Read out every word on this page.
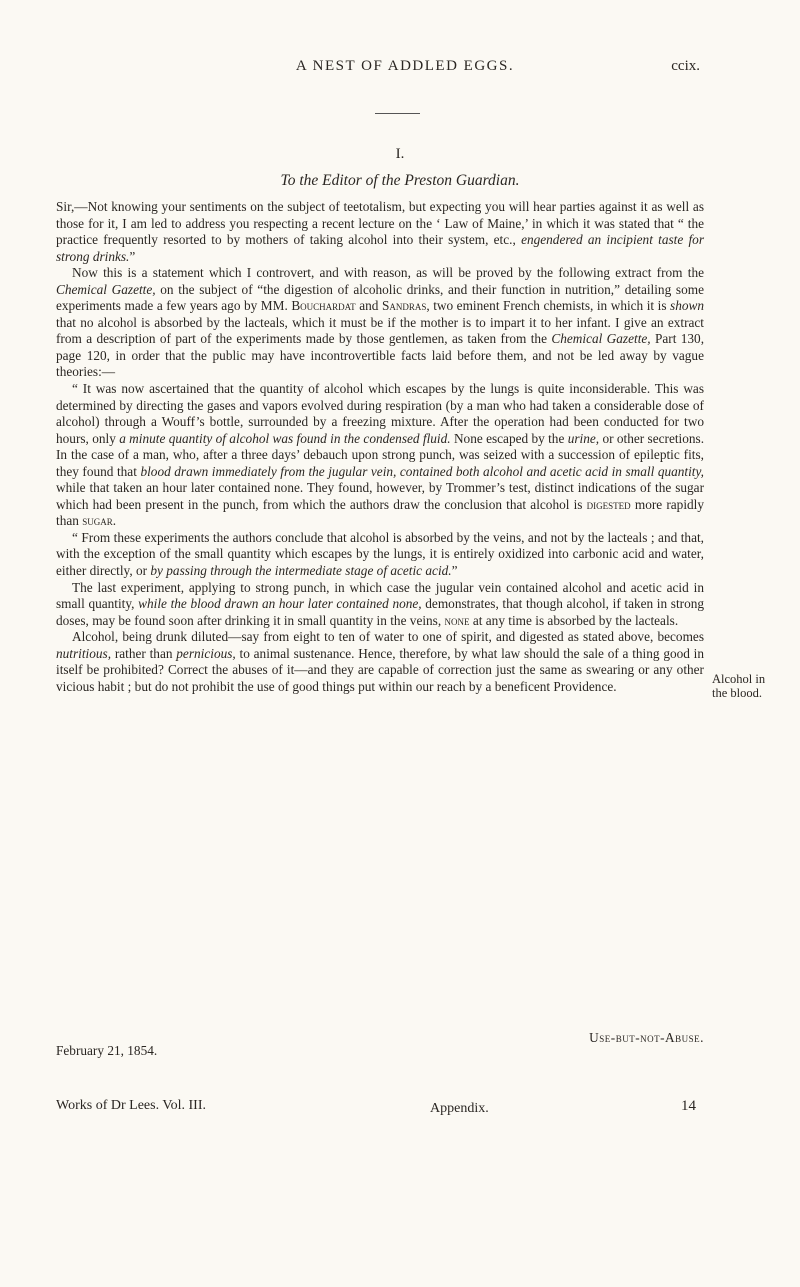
A NEST OF ADDLED EGGS.	ccix.
I.
To the Editor of the Preston Guardian.

Sir,—Not knowing your sentiments on the subject of teetotalism, but expecting you will hear parties against it as well as those for it, I am led to address you respecting a recent lecture on the ‘ Law of Maine,’ in which it was stated that “ the practice frequently resorted to by mothers of taking alcohol into their system, etc., engendered an incipient taste for strong drinks.”

Now this is a statement which I controvert, and with reason, as will be proved by the following extract from the Chemical Gazette, on the subject of “the digestion of alcoholic drinks, and their function in nutrition,” detailing some experiments made a few years ago by MM. Bouchardat and Sandras, two eminent French chemists, in which it is shown that no alcohol is absorbed by the lacteals, which it must be if the mother is to impart it to her infant. I give an extract from a description of part of the experiments made by those gentlemen, as taken from the Chemical Gazette, Part 130, page 120, in order that the public may have incontrovertible facts laid before them, and not be led away by vague theories:—

“ It was now ascertained that the quantity of alcohol which escapes by the lungs is quite inconsiderable. This was determined by directing the gases and vapors evolved during respiration (by a man who had taken a considerable dose of alcohol) through a Wouff’s bottle, surrounded by a freezing mixture. After the operation had been conducted for two hours, only a minute quantity of alcohol was found in the condensed fluid. None escaped by the urine, or other secretions. In the case of a man, who, after a three days’ debauch upon strong punch, was seized with a succession of epileptic fits, they found that blood drawn immediately from the jugular vein, contained both alcohol and acetic acid in small quantity, while that taken an hour later contained none. They found, however, by Trommer’s test, distinct indications of the sugar which had been present in the punch, from which the authors draw the conclusion that alcohol is digested more rapidly than sugar.

“ From these experiments the authors conclude that alcohol is absorbed by the veins, and not by the lacteals ; and that, with the exception of the small quantity which escapes by the lungs, it is entirely oxidized into carbonic acid and water, either directly, or by passing through the intermediate stage of acetic acid.”

The last experiment, applying to strong punch, in which case the jugular vein contained alcohol and acetic acid in small quantity, while the blood drawn an hour later contained none, demonstrates, that though alcohol, if taken in strong doses, may be found soon after drinking it in small quantity in the veins, none at any time is absorbed by the lacteals.

Alcohol, being drunk diluted—say from eight to ten of water to one of spirit, and digested as stated above, becomes nutritious, rather than pernicious, to animal sustenance. Hence, therefore, by what law should the sale of a thing good in itself be prohibited? Correct the abuses of it—and they are capable of correction just the same as swearing or any other vicious habit ; but do not prohibit the use of good things put within our reach by a beneficent Providence.	Alcohol in the blood.
Use-but-not-Abuse.
February 21, 1854.
Works of Dr Lees. Vol. III.	Appendix.	14
